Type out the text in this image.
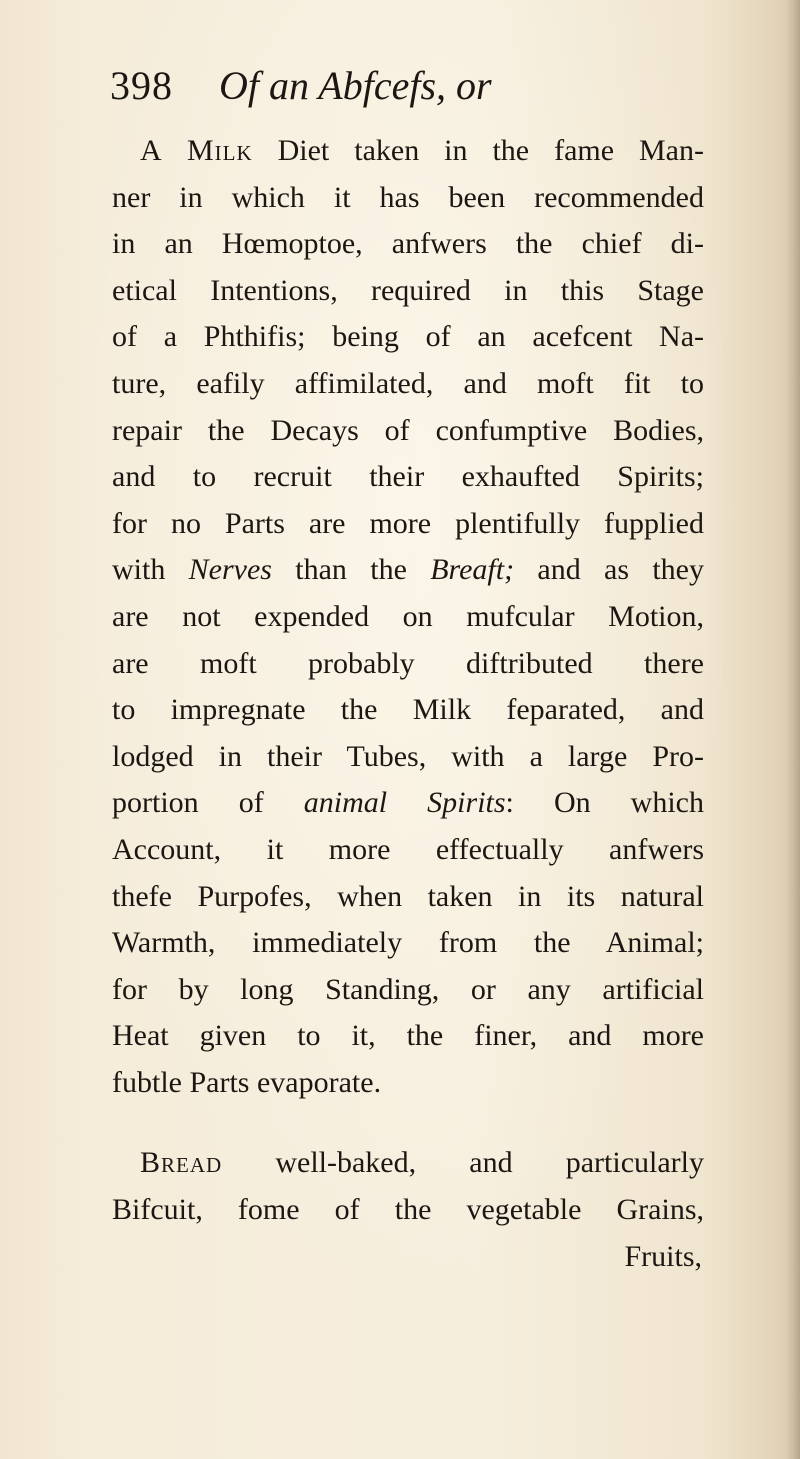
398 Of an Abfcefs, or
A Milk Diet taken in the fame Man-
ner in which it has been recommended
in an Hœmoptoe, anfwers the chief di-
etical Intentions, required in this Stage
of a Phthifis; being of an acefcent Na-
ture, eafily affimilated, and moft fit to
repair the Decays of confumptive Bodies,
and to recruit their exhaufted Spirits;
for no Parts are more plentifully fupplied
with Nerves than the Breaft; and as they
are not expended on mufcular Motion,
are moft probably diftributed there
to impregnate the Milk feparated, and
lodged in their Tubes, with a large Pro-
portion of animal Spirits: On which
Account, it more effectually anfwers
thefe Purpofes, when taken in its natural
Warmth, immediately from the Animal;
for by long Standing, or any artificial
Heat given to it, the finer, and more
fubtle Parts evaporate.
Bread well-baked, and particularly
Bifcuit, fome of the vegetable Grains,
Fruits,
